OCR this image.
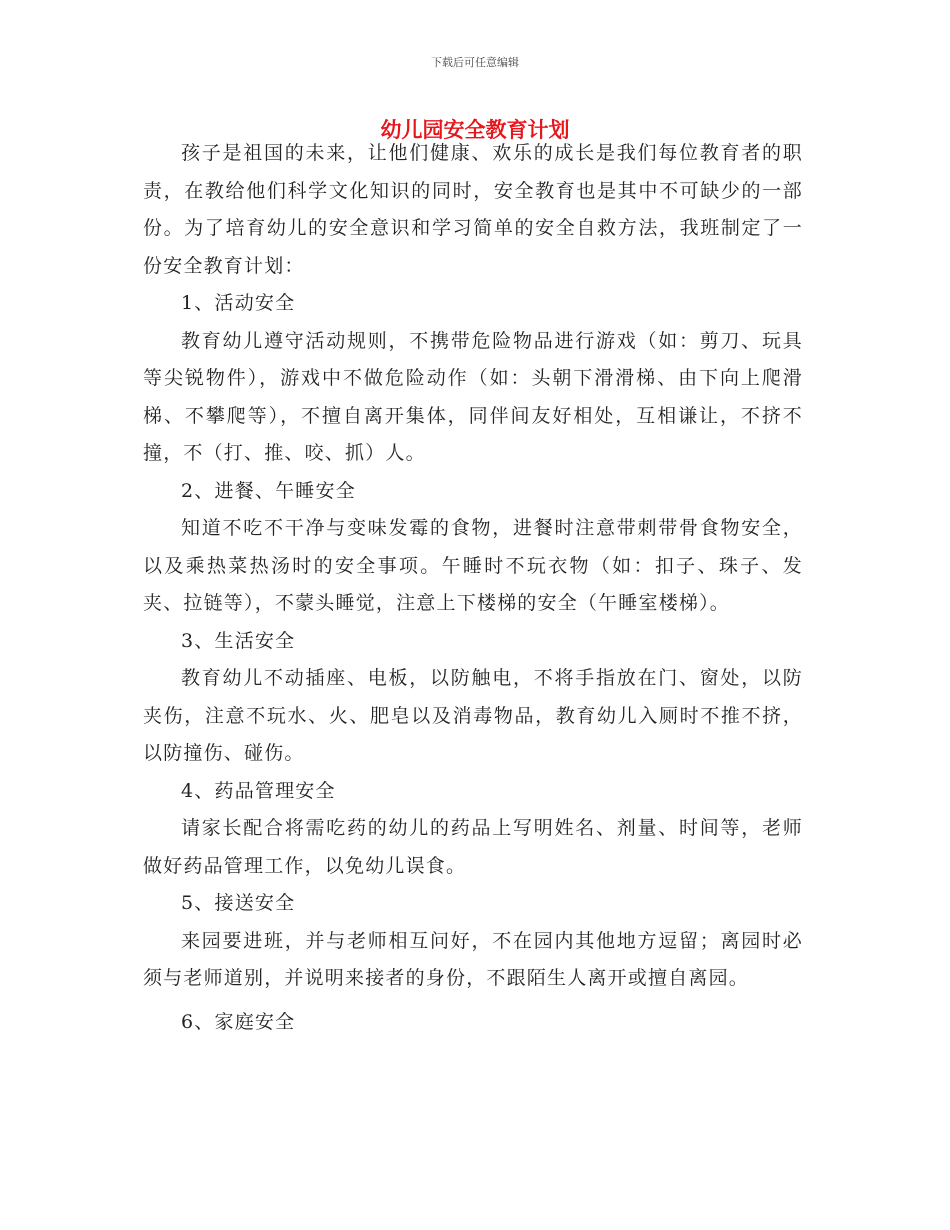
下载后可任意编辑
幼儿园安全教育计划

孩子是祖国的未来，让他们健康、欢乐的成长是我们每位教育者的职责，在教给他们科学文化知识的同时，安全教育也是其中不可缺少的一部份。为了培育幼儿的安全意识和学习简单的安全自救方法，我班制定了一份安全教育计划：

1、活动安全

教育幼儿遵守活动规则，不携带危险物品进行游戏（如：剪刀、玩具等尖锐物件），游戏中不做危险动作（如：头朝下滑滑梯、由下向上爬滑梯、不攀爬等），不擅自离开集体，同伴间友好相处，互相谦让，不挤不撞，不（打、推、咬、抓）人。

2、进餐、午睡安全

知道不吃不干净与变味发霉的食物，进餐时注意带刺带骨食物安全，以及乘热菜热汤时的安全事项。午睡时不玩衣物（如：扣子、珠子、发夹、拉链等），不蒙头睡觉，注意上下楼梯的安全（午睡室楼梯）。

3、生活安全

教育幼儿不动插座、电板，以防触电，不将手指放在门、窗处，以防夹伤，注意不玩水、火、肥皂以及消毒物品，教育幼儿入厕时不推不挤，以防撞伤、碰伤。

4、药品管理安全

请家长配合将需吃药的幼儿的药品上写明姓名、剂量、时间等，老师做好药品管理工作，以免幼儿误食。

5、接送安全

来园要进班，并与老师相互问好，不在园内其他地方逗留；离园时必须与老师道别，并说明来接者的身份，不跟陌生人离开或擅自离园。

6、家庭安全
